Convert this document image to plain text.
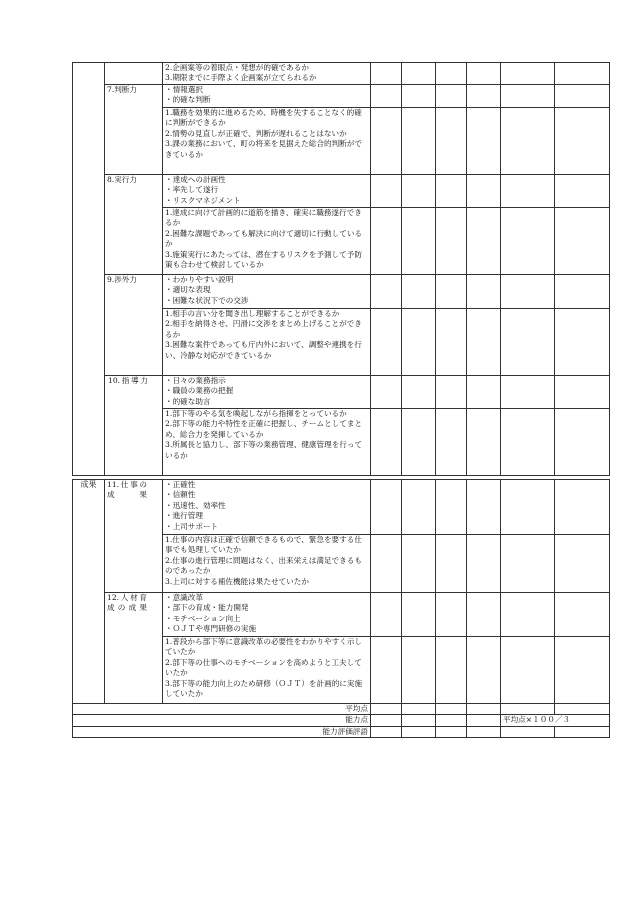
		2.企画案等の着眼点・発想が的確であるか
3.期限までに手際よく企画案が立てられるか						

	7.判断力	・情報選択
・的確な判断						

		1.職務を効果的に進めるため、時機を失することなく的確に判断ができるか
2.情勢の見直しが正確で、判断が遅れることはないか
3.課の業務において、町の将来を見据えた総合的判断ができているか						

	8.実行力	・達成への計画性
・率先して遂行
・リスクマネジメント						

		1.達成に向けて計画的に道筋を描き、確実に職務遂行できるか
2.困難な課題であっても解決に向けて適切に行動しているか
3.施策実行にあたっては、潜在するリスクを予測して予防策も合わせて検討しているか						

	9.渉外力	・わかりやすい説明
・適切な表現
・困難な状況下での交渉						

		1.相手の言い分を聞き出し理解することができるか
2.相手を納得させ、円滑に交渉をまとめ上げることができるか
3.困難な案件であっても庁内外において、調整や連携を行い、冷静な対応ができているか						

	10.指導力	・日々の業務指示
・職員の業務の把握
・的確な助言						

		1.部下等のやる気を喚起しながら指揮をとっているか
2.部下等の能力や特性を正確に把握し、チームとしてまとめ、総合力を発揮しているか
3.所属長と協力し、部下等の業務管理、健康管理を行っているか						

成果	11.仕事の成果	・正確性
・信頼性
・迅速性、効率性
・進行管理
・上司サポート						

		1.仕事の内容は正確で信頼できるもので、緊急を要する仕事でも処理していたか
2.仕事の進行管理に問題はなく、出来栄えは満足できるものであったか
3.上司に対する補佐機能は果たせていたか						

	12.人材育成の成果	・意識改革
・部下の育成・能力開発
・モチベーション向上
・ＯＪＴや専門研修の実施						

		1.普段から部下等に意識改革の必要性をわかりやすく示していたか
2.部下等の仕事へのモチベーションを高めようと工夫していたか
3.部下等の能力向上のため研修（ＯＪＴ）を計画的に実施していたか						

平均点								
能力点							平均点×１００／３	
能力評価評語								
